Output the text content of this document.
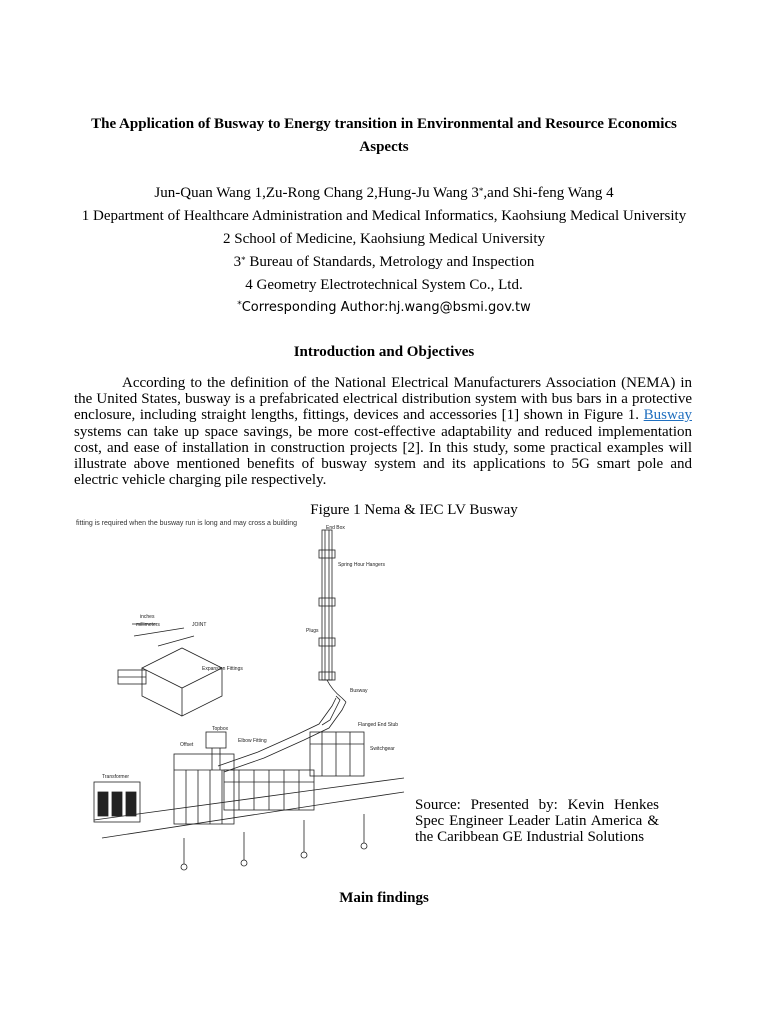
The Application of Busway to Energy transition in Environmental and Resource Economics
Aspects
Jun-Quan Wang 1,Zu-Rong Chang 2,Hung-Ju Wang 3*,and Shi-feng Wang 4
1 Department of Healthcare Administration and Medical Informatics, Kaohsiung Medical University
2 School of Medicine, Kaohsiung Medical University
3* Bureau of Standards, Metrology and Inspection
4 Geometry Electrotechnical System Co., Ltd.
*Corresponding Author:hj.wang@bsmi.gov.tw
Introduction and Objectives
According to the definition of the National Electrical Manufacturers Association (NEMA) in the United States, busway is a prefabricated electrical distribution system with bus bars in a protective enclosure, including straight lengths, fittings, devices and accessories [1] shown in Figure 1. Busway systems can take up space savings, be more cost-effective adaptability and reduced implementation cost, and ease of installation in construction projects [2]. In this study, some practical examples will illustrate above mentioned benefits of busway system and its applications to 5G smart pole and electric vehicle charging pile respectively.
Figure 1 Nema & IEC LV Busway
fitting is required when the busway run is long and may cross a building
End Box
Spring Hour Hangers
Plugs
Busway
Flanged End Stub
Switchgear
Expansion Fittings
JOINT
inches
millimeters
Topbox
Offset
Elbow Fitting
Transformer
Source: Presented by: Kevin Henkes Spec Engineer Leader Latin America & the Caribbean GE Industrial Solutions
Main findings
